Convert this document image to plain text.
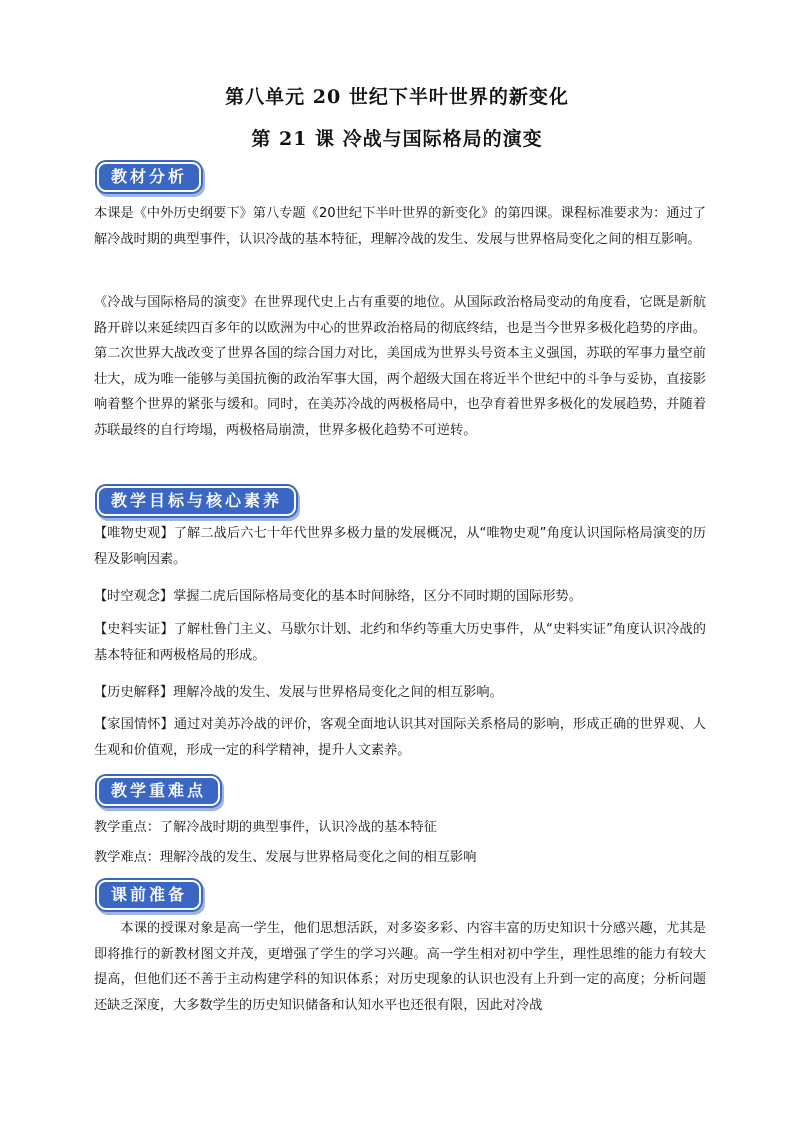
第八单元 20 世纪下半叶世界的新变化
第 21 课 冷战与国际格局的演变
教材分析
本课是《中外历史纲要下》第八专题《20世纪下半叶世界的新变化》的第四课。课程标准要求为：通过了解冷战时期的典型事件，认识冷战的基本特征，理解冷战的发生、发展与世界格局变化之间的相互影响。
《冷战与国际格局的演变》在世界现代史上占有重要的地位。从国际政治格局变动的角度看，它既是新航路开辟以来延续四百多年的以欧洲为中心的世界政治格局的彻底终结，也是当今世界多极化趋势的序曲。第二次世界大战改变了世界各国的综合国力对比，美国成为世界头号资本主义强国，苏联的军事力量空前壮大，成为唯一能够与美国抗衡的政治军事大国，两个超级大国在将近半个世纪中的斗争与妥协，直接影响着整个世界的紧张与缓和。同时，在美苏冷战的两极格局中，也孕育着世界多极化的发展趋势，并随着苏联最终的自行垮塌，两极格局崩溃，世界多极化趋势不可逆转。
教学目标与核心素养
【唯物史观】了解二战后六七十年代世界多极力量的发展概况，从“唯物史观”角度认识国际格局演变的历程及影响因素。
【时空观念】掌握二虎后国际格局变化的基本时间脉络，区分不同时期的国际形势。
【史料实证】了解杜鲁门主义、马歇尔计划、北约和华约等重大历史事件，从“史料实证”角度认识冷战的基本特征和两极格局的形成。
【历史解释】理解冷战的发生、发展与世界格局变化之间的相互影响。
【家国情怀】通过对美苏冷战的评价，客观全面地认识其对国际关系格局的影响，形成正确的世界观、人生观和价值观，形成一定的科学精神，提升人文素养。
教学重难点
教学重点：了解冷战时期的典型事件，认识冷战的基本特征
教学难点：理解冷战的发生、发展与世界格局变化之间的相互影响
课前准备
本课的授课对象是高一学生，他们思想活跃，对多姿多彩、内容丰富的历史知识十分感兴趣，尤其是即将推行的新教材图文并茂，更增强了学生的学习兴趣。高一学生相对初中学生，理性思维的能力有较大提高，但他们还不善于主动构建学科的知识体系；对历史现象的认识也没有上升到一定的高度；分析问题还缺乏深度，大多数学生的历史知识储备和认知水平也还很有限，因此对冷战
